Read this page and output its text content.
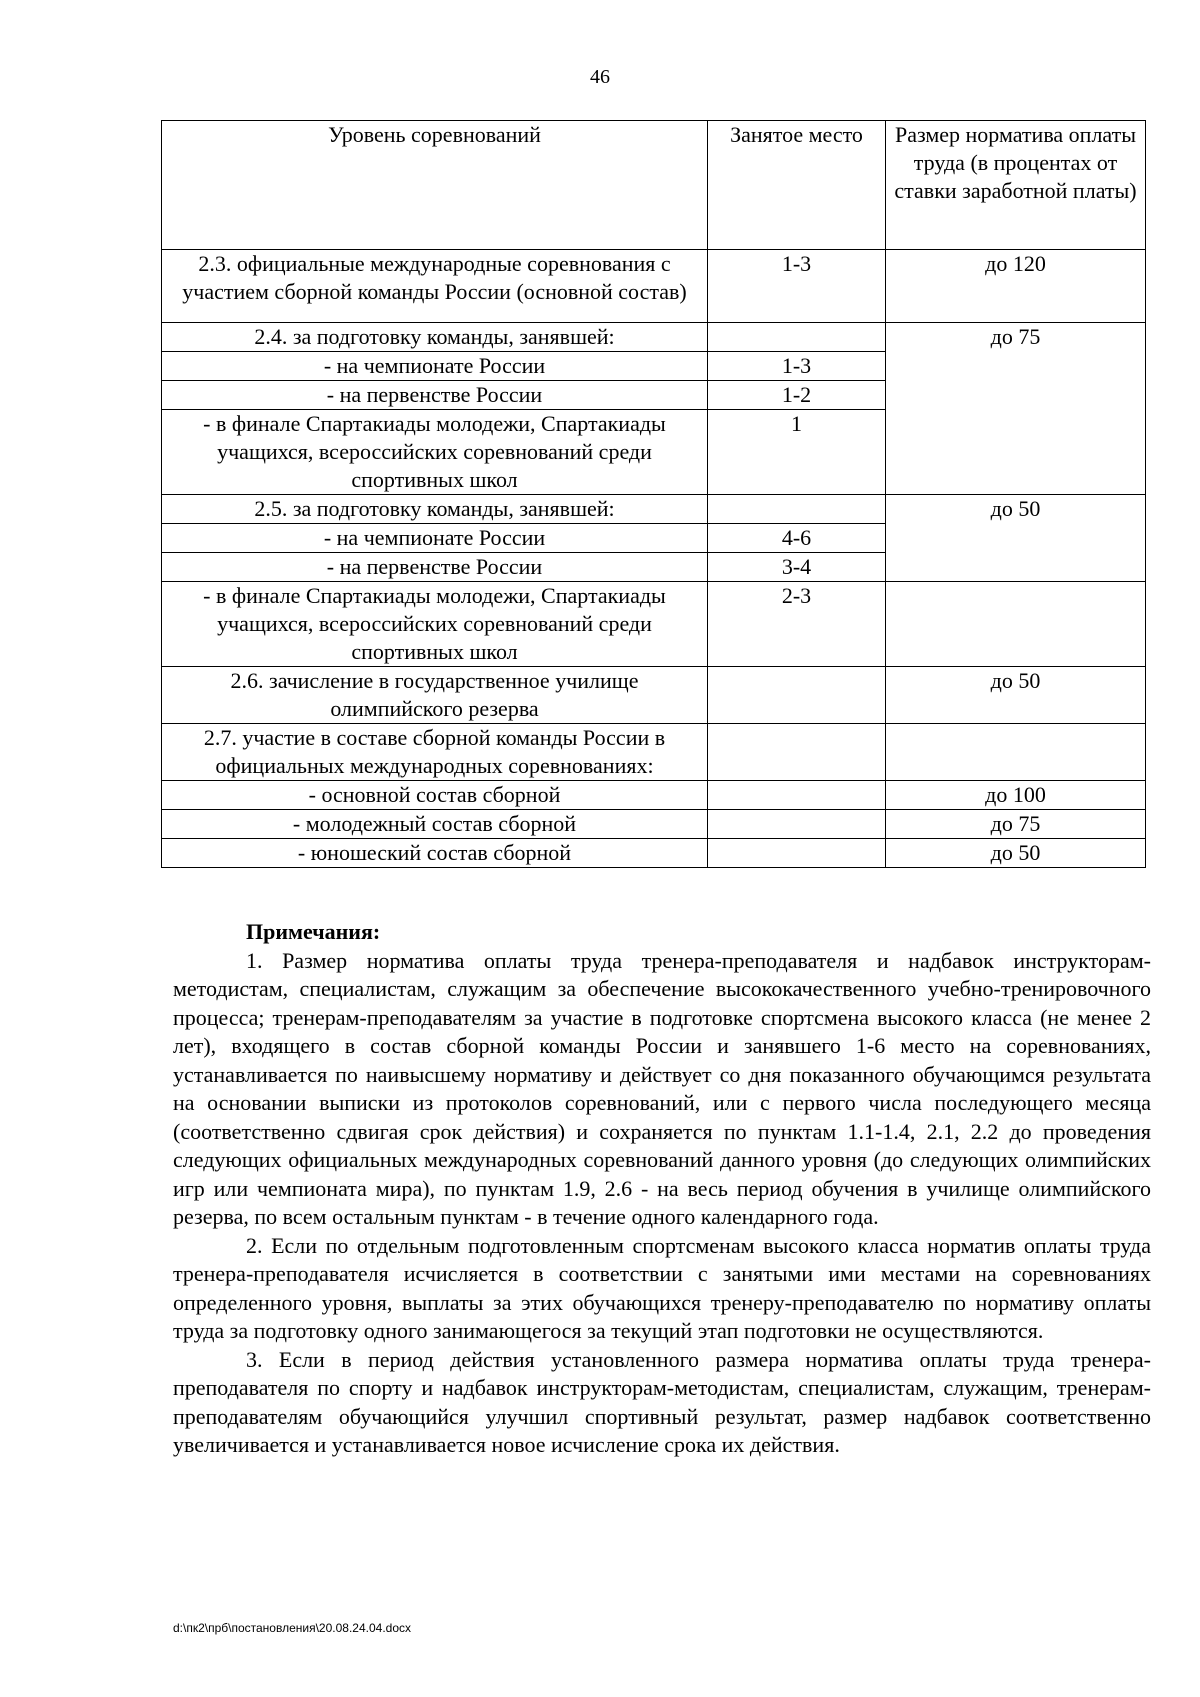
46
Уровень соревнований	Занятое место	Размер норматива оплаты труда (в процентах от ставки заработной платы)
2.3. официальные международные соревнования с участием сборной команды России (основной состав)	1-3	до 120
2.4. за подготовку команды, занявшей:		до 75
- на чемпионате России	1-3	
- на первенстве России	1-2	
- в финале Спартакиады молодежи, Спартакиады учащихся, всероссийских соревнований среди спортивных школ	1	
2.5. за подготовку команды, занявшей:		до 50
- на чемпионате России	4-6	
- на первенстве России	3-4	
- в финале Спартакиады молодежи, Спартакиады учащихся, всероссийских соревнований среди спортивных школ	2-3	
2.6. зачисление в государственное училище олимпийского резерва		до 50
2.7. участие в составе сборной команды России в официальных международных соревнованиях:		
- основной состав сборной		до 100
- молодежный состав сборной		до 75
- юношеский состав сборной		до 50
Примечания:

1. Размер норматива оплаты труда тренера-преподавателя и надбавок инструкторам-методистам, специалистам, служащим за обеспечение высококачественного учебно-тренировочного процесса; тренерам-преподавателям за участие в подготовке спортсмена высокого класса (не менее 2 лет), входящего в состав сборной команды России и занявшего 1-6 место на соревнованиях, устанавливается по наивысшему нормативу и действует со дня показанного обучающимся результата на основании выписки из протоколов соревнований, или с первого числа последующего месяца (соответственно сдвигая срок действия) и сохраняется по пунктам 1.1-1.4, 2.1, 2.2 до проведения следующих официальных международных соревнований данного уровня (до следующих олимпийских игр или чемпионата мира), по пунктам 1.9, 2.6 - на весь период обучения в училище олимпийского резерва, по всем остальным пунктам - в течение одного календарного года.

2. Если по отдельным подготовленным спортсменам высокого класса норматив оплаты труда тренера-преподавателя исчисляется в соответствии с занятыми ими местами на соревнованиях определенного уровня, выплаты за этих обучающихся тренеру-преподавателю по нормативу оплаты труда за подготовку одного занимающегося за текущий этап подготовки не осуществляются.

3. Если в период действия установленного размера норматива оплаты труда тренера-преподавателя по спорту и надбавок инструкторам-методистам, специалистам, служащим, тренерам-преподавателям обучающийся улучшил спортивный результат, размер надбавок соответственно увеличивается и устанавливается новое исчисление срока их действия.

d:\пк2\прб\постановления\20.08.24.04.docx
